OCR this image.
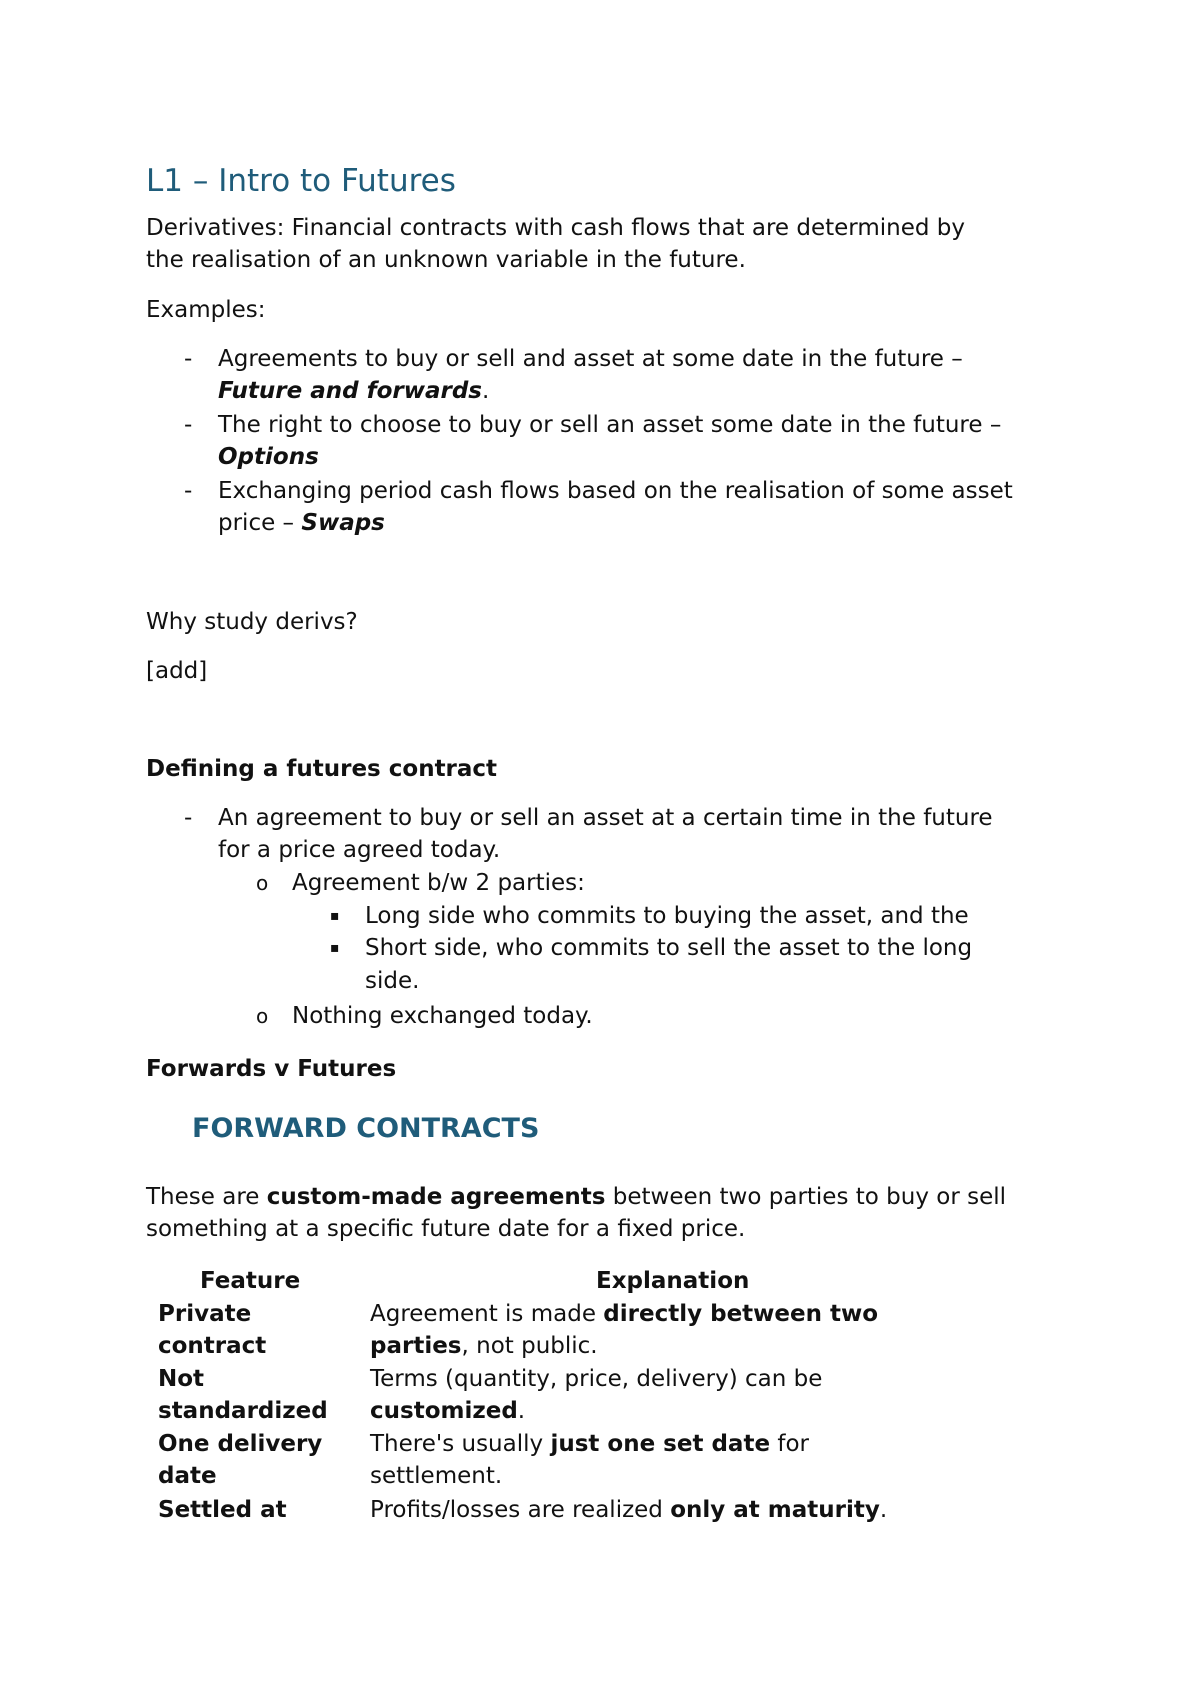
L1 – Intro to Futures
Derivatives: Financial contracts with cash flows that are determined by
the realisation of an unknown variable in the future.
Examples:
- Agreements to buy or sell and asset at some date in the future –
Future and forwards.
- The right to choose to buy or sell an asset some date in the future –
Options
- Exchanging period cash flows based on the realisation of some asset
price – Swaps
Why study derivs?
[add]
Defining a futures contract
- An agreement to buy or sell an asset at a certain time in the future
for a price agreed today.
o Agreement b/w 2 parties:
▪ Long side who commits to buying the asset, and the
▪ Short side, who commits to sell the asset to the long
side.
o Nothing exchanged today.
Forwards v Futures
FORWARD CONTRACTS
These are custom-made agreements between two parties to buy or sell
something at a specific future date for a fixed price.
Feature	Explanation
Private
contract
Agreement is made directly between two
parties, not public.
Not
standardized
Terms (quantity, price, delivery) can be
customized.
One delivery
date
There's usually just one set date for
settlement.
Settled at	Profits/losses are realized only at maturity.
